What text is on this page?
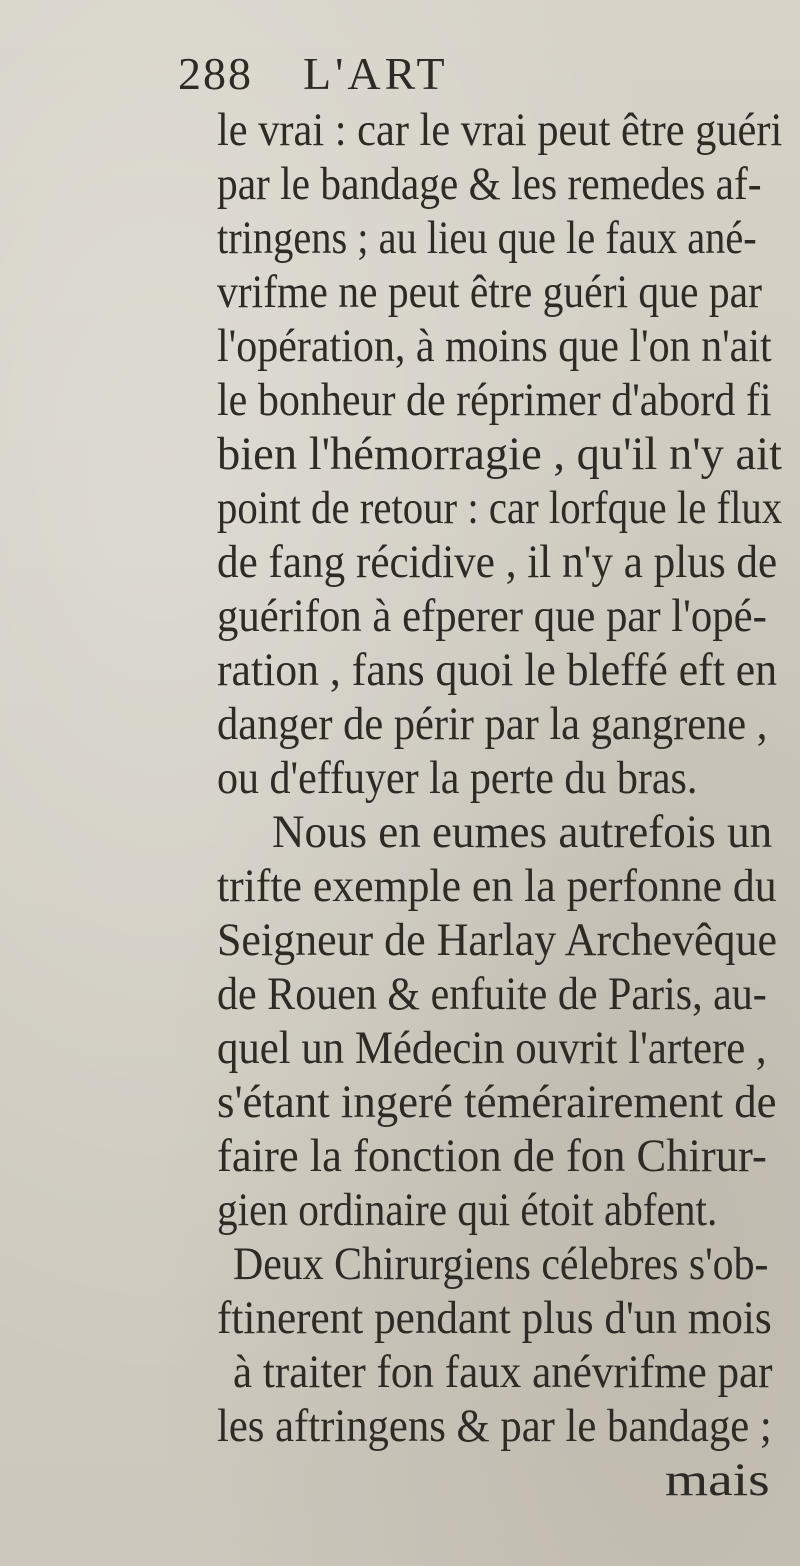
288 L'ART
le vrai : car le vrai peut être guéri
par le bandage & les remedes af-
tringens ; au lieu que le faux ané-
vrifme ne peut être guéri que par
l'opération, à moins que l'on n'ait
le bonheur de réprimer d'abord fi
bien l'hémorragie , qu'il n'y ait
point de retour : car lorfque le flux
de fang récidive , il n'y a plus de
guérifon à efperer que par l'opé-
ration , fans quoi le bleffé eft en
danger de périr par la gangrene ,
ou d'effuyer la perte du bras.
Nous en eumes autrefois un
trifte exemple en la perfonne du
Seigneur de Harlay Archevêque
de Rouen & enfuite de Paris, au-
quel un Médecin ouvrit l'artere ,
s'étant ingeré témérairement de
faire la fonction de fon Chirur-
gien ordinaire qui étoit abfent.
Deux Chirurgiens célebres s'ob-
ftinerent pendant plus d'un mois
à traiter fon faux anévrifme par
les aftringens & par le bandage ;
mais
